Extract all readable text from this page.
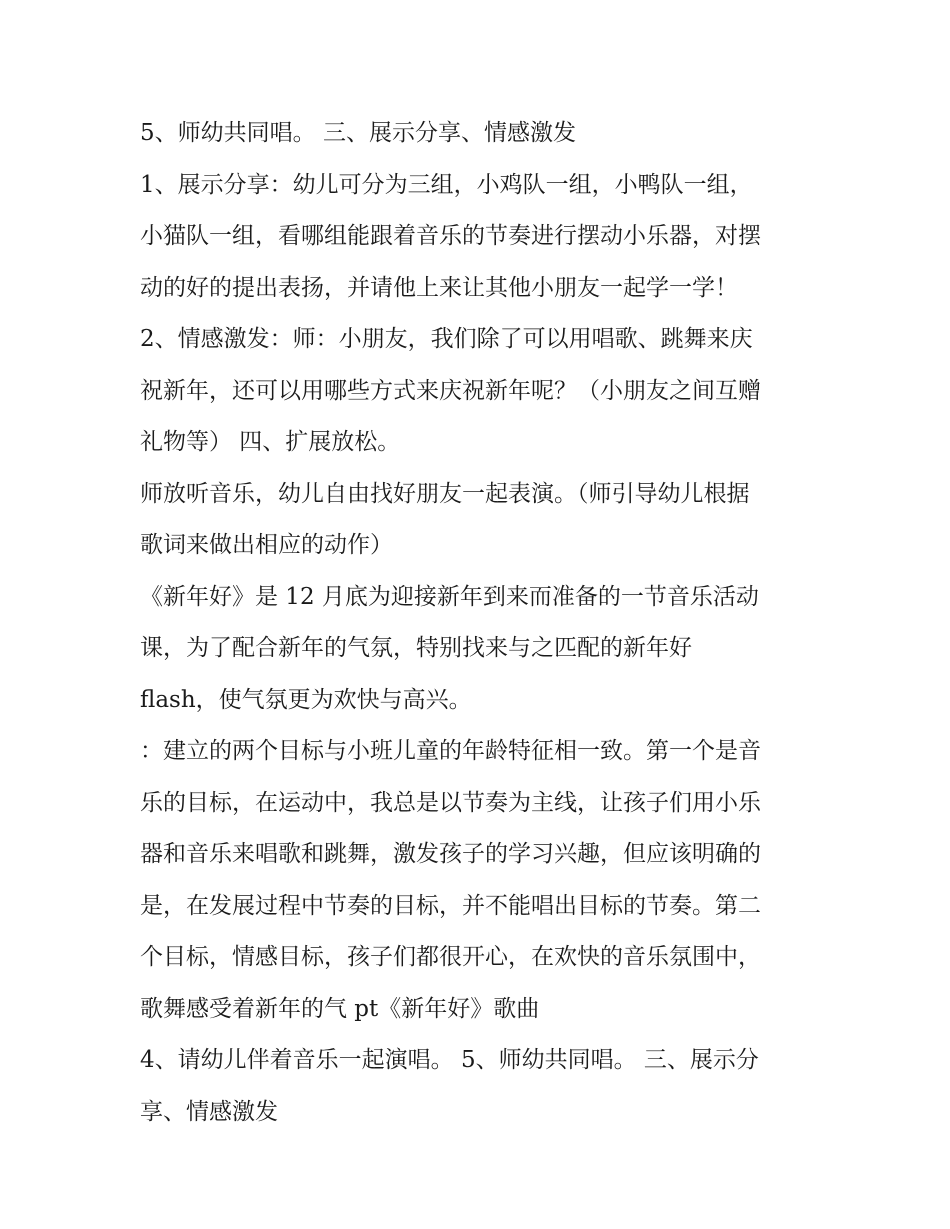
5、师幼共同唱。 三、展示分享、情感激发
1、展示分享：幼儿可分为三组，小鸡队一组，小鸭队一组，
小猫队一组，看哪组能跟着音乐的节奏进行摆动小乐器，对摆
动的好的提出表扬，并请他上来让其他小朋友一起学一学！
2、情感激发：师：小朋友，我们除了可以用唱歌、跳舞来庆
祝新年，还可以用哪些方式来庆祝新年呢？（小朋友之间互赠
礼物等） 四、扩展放松。
师放听音乐，幼儿自由找好朋友一起表演。（师引导幼儿根据
歌词来做出相应的动作）
《新年好》是 12 月底为迎接新年到来而准备的一节音乐活动
课，为了配合新年的气氛，特别找来与之匹配的新年好
flash，使气氛更为欢快与高兴。
：建立的两个目标与小班儿童的年龄特征相一致。第一个是音
乐的目标，在运动中，我总是以节奏为主线，让孩子们用小乐
器和音乐来唱歌和跳舞，激发孩子的学习兴趣，但应该明确的
是，在发展过程中节奏的目标，并不能唱出目标的节奏。第二
个目标，情感目标，孩子们都很开心，在欢快的音乐氛围中，
歌舞感受着新年的气 pt《新年好》歌曲
4、请幼儿伴着音乐一起演唱。 5、师幼共同唱。 三、展示分
享、情感激发
